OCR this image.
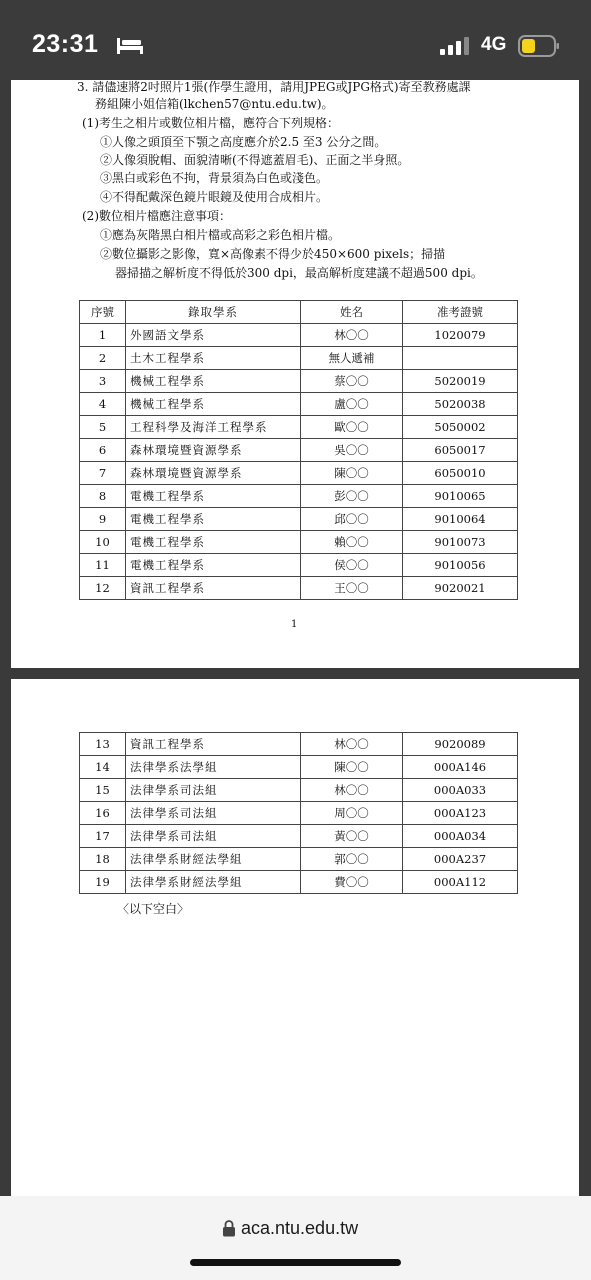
23:31	4G
3. 請儘速將2吋照片1張(作學生證用，請用JPEG或JPG格式)寄至教務處課
務組陳小姐信箱(lkchen57@ntu.edu.tw)。
(1)考生之相片或數位相片檔，應符合下列規格：
①人像之頭頂至下顎之高度應介於2.5 至3 公分之間。
②人像須脫帽、面貌清晰(不得遮蓋眉毛)、正面之半身照。
③黑白或彩色不拘，背景須為白色或淺色。
④不得配戴深色鏡片眼鏡及使用合成相片。
(2)數位相片檔應注意事項：
①應為灰階黑白相片檔或高彩之彩色相片檔。
②數位攝影之影像，寬×高像素不得少於450×600 pixels；掃描
器掃描之解析度不得低於300 dpi，最高解析度建議不超過500 dpi。
序號	錄取學系	姓名	准考證號
1	外國語文學系	林〇〇	1020079
2	土木工程學系	無人遞補	
3	機械工程學系	蔡〇〇	5020019
4	機械工程學系	盧〇〇	5020038
5	工程科學及海洋工程學系	歐〇〇	5050002
6	森林環境暨資源學系	吳〇〇	6050017
7	森林環境暨資源學系	陳〇〇	6050010
8	電機工程學系	彭〇〇	9010065
9	電機工程學系	邱〇〇	9010064
10	電機工程學系	賴〇〇	9010073
11	電機工程學系	侯〇〇	9010056
12	資訊工程學系	王〇〇	9020021
1
13	資訊工程學系	林〇〇	9020089
14	法律學系法學組	陳〇〇	000A146
15	法律學系司法組	林〇〇	000A033
16	法律學系司法組	周〇〇	000A123
17	法律學系司法組	黃〇〇	000A034
18	法律學系財經法學組	郭〇〇	000A237
19	法律學系財經法學組	費〇〇	000A112
〈以下空白〉
aca.ntu.edu.tw
